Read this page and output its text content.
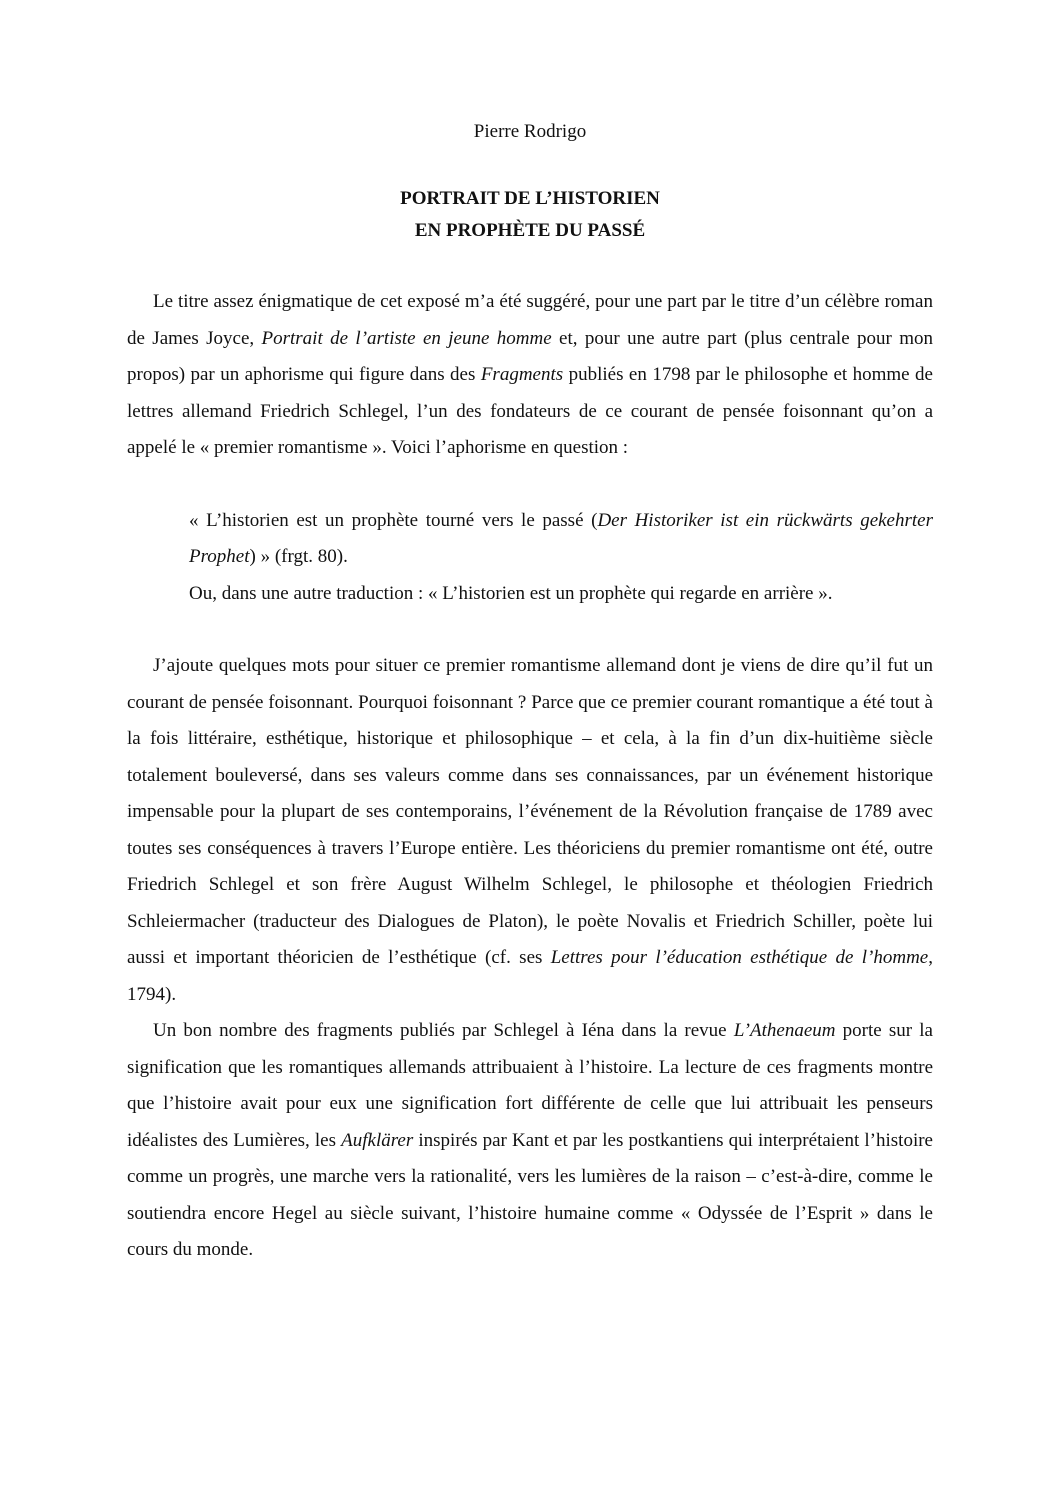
Pierre Rodrigo
PORTRAIT DE L’HISTORIEN
EN PROPHÈTE DU PASSÉ

Le titre assez énigmatique de cet exposé m’a été suggéré, pour une part par le titre d’un célèbre roman de James Joyce, Portrait de l’artiste en jeune homme et, pour une autre part (plus centrale pour mon propos) par un aphorisme qui figure dans des Fragments publiés en 1798 par le philosophe et homme de lettres allemand Friedrich Schlegel, l’un des fondateurs de ce courant de pensée foisonnant qu’on a appelé le « premier romantisme ». Voici l’aphorisme en question :

« L’historien est un prophète tourné vers le passé (Der Historiker ist ein rückwärts gekehrter Prophet) » (frgt. 80).

Ou, dans une autre traduction : « L’historien est un prophète qui regarde en arrière ».

J’ajoute quelques mots pour situer ce premier romantisme allemand dont je viens de dire qu’il fut un courant de pensée foisonnant. Pourquoi foisonnant ? Parce que ce premier courant romantique a été tout à la fois littéraire, esthétique, historique et philosophique – et cela, à la fin d’un dix-huitième siècle totalement bouleversé, dans ses valeurs comme dans ses connaissances, par un événement historique impensable pour la plupart de ses contemporains, l’événement de la Révolution française de 1789 avec toutes ses conséquences à travers l’Europe entière. Les théoriciens du premier romantisme ont été, outre Friedrich Schlegel et son frère August Wilhelm Schlegel, le philosophe et théologien Friedrich Schleiermacher (traducteur des Dialogues de Platon), le poète Novalis et Friedrich Schiller, poète lui aussi et important théoricien de l’esthétique (cf. ses Lettres pour l’éducation esthétique de l’homme, 1794).

Un bon nombre des fragments publiés par Schlegel à Iéna dans la revue L’Athenaeum porte sur la signification que les romantiques allemands attribuaient à l’histoire. La lecture de ces fragments montre que l’histoire avait pour eux une signification fort différente de celle que lui attribuait les penseurs idéalistes des Lumières, les Aufklärer inspirés par Kant et par les postkantiens qui interprétaient l’histoire comme un progrès, une marche vers la rationalité, vers les lumières de la raison – c’est-à-dire, comme le soutiendra encore Hegel au siècle suivant, l’histoire humaine comme « Odyssée de l’Esprit » dans le cours du monde.
